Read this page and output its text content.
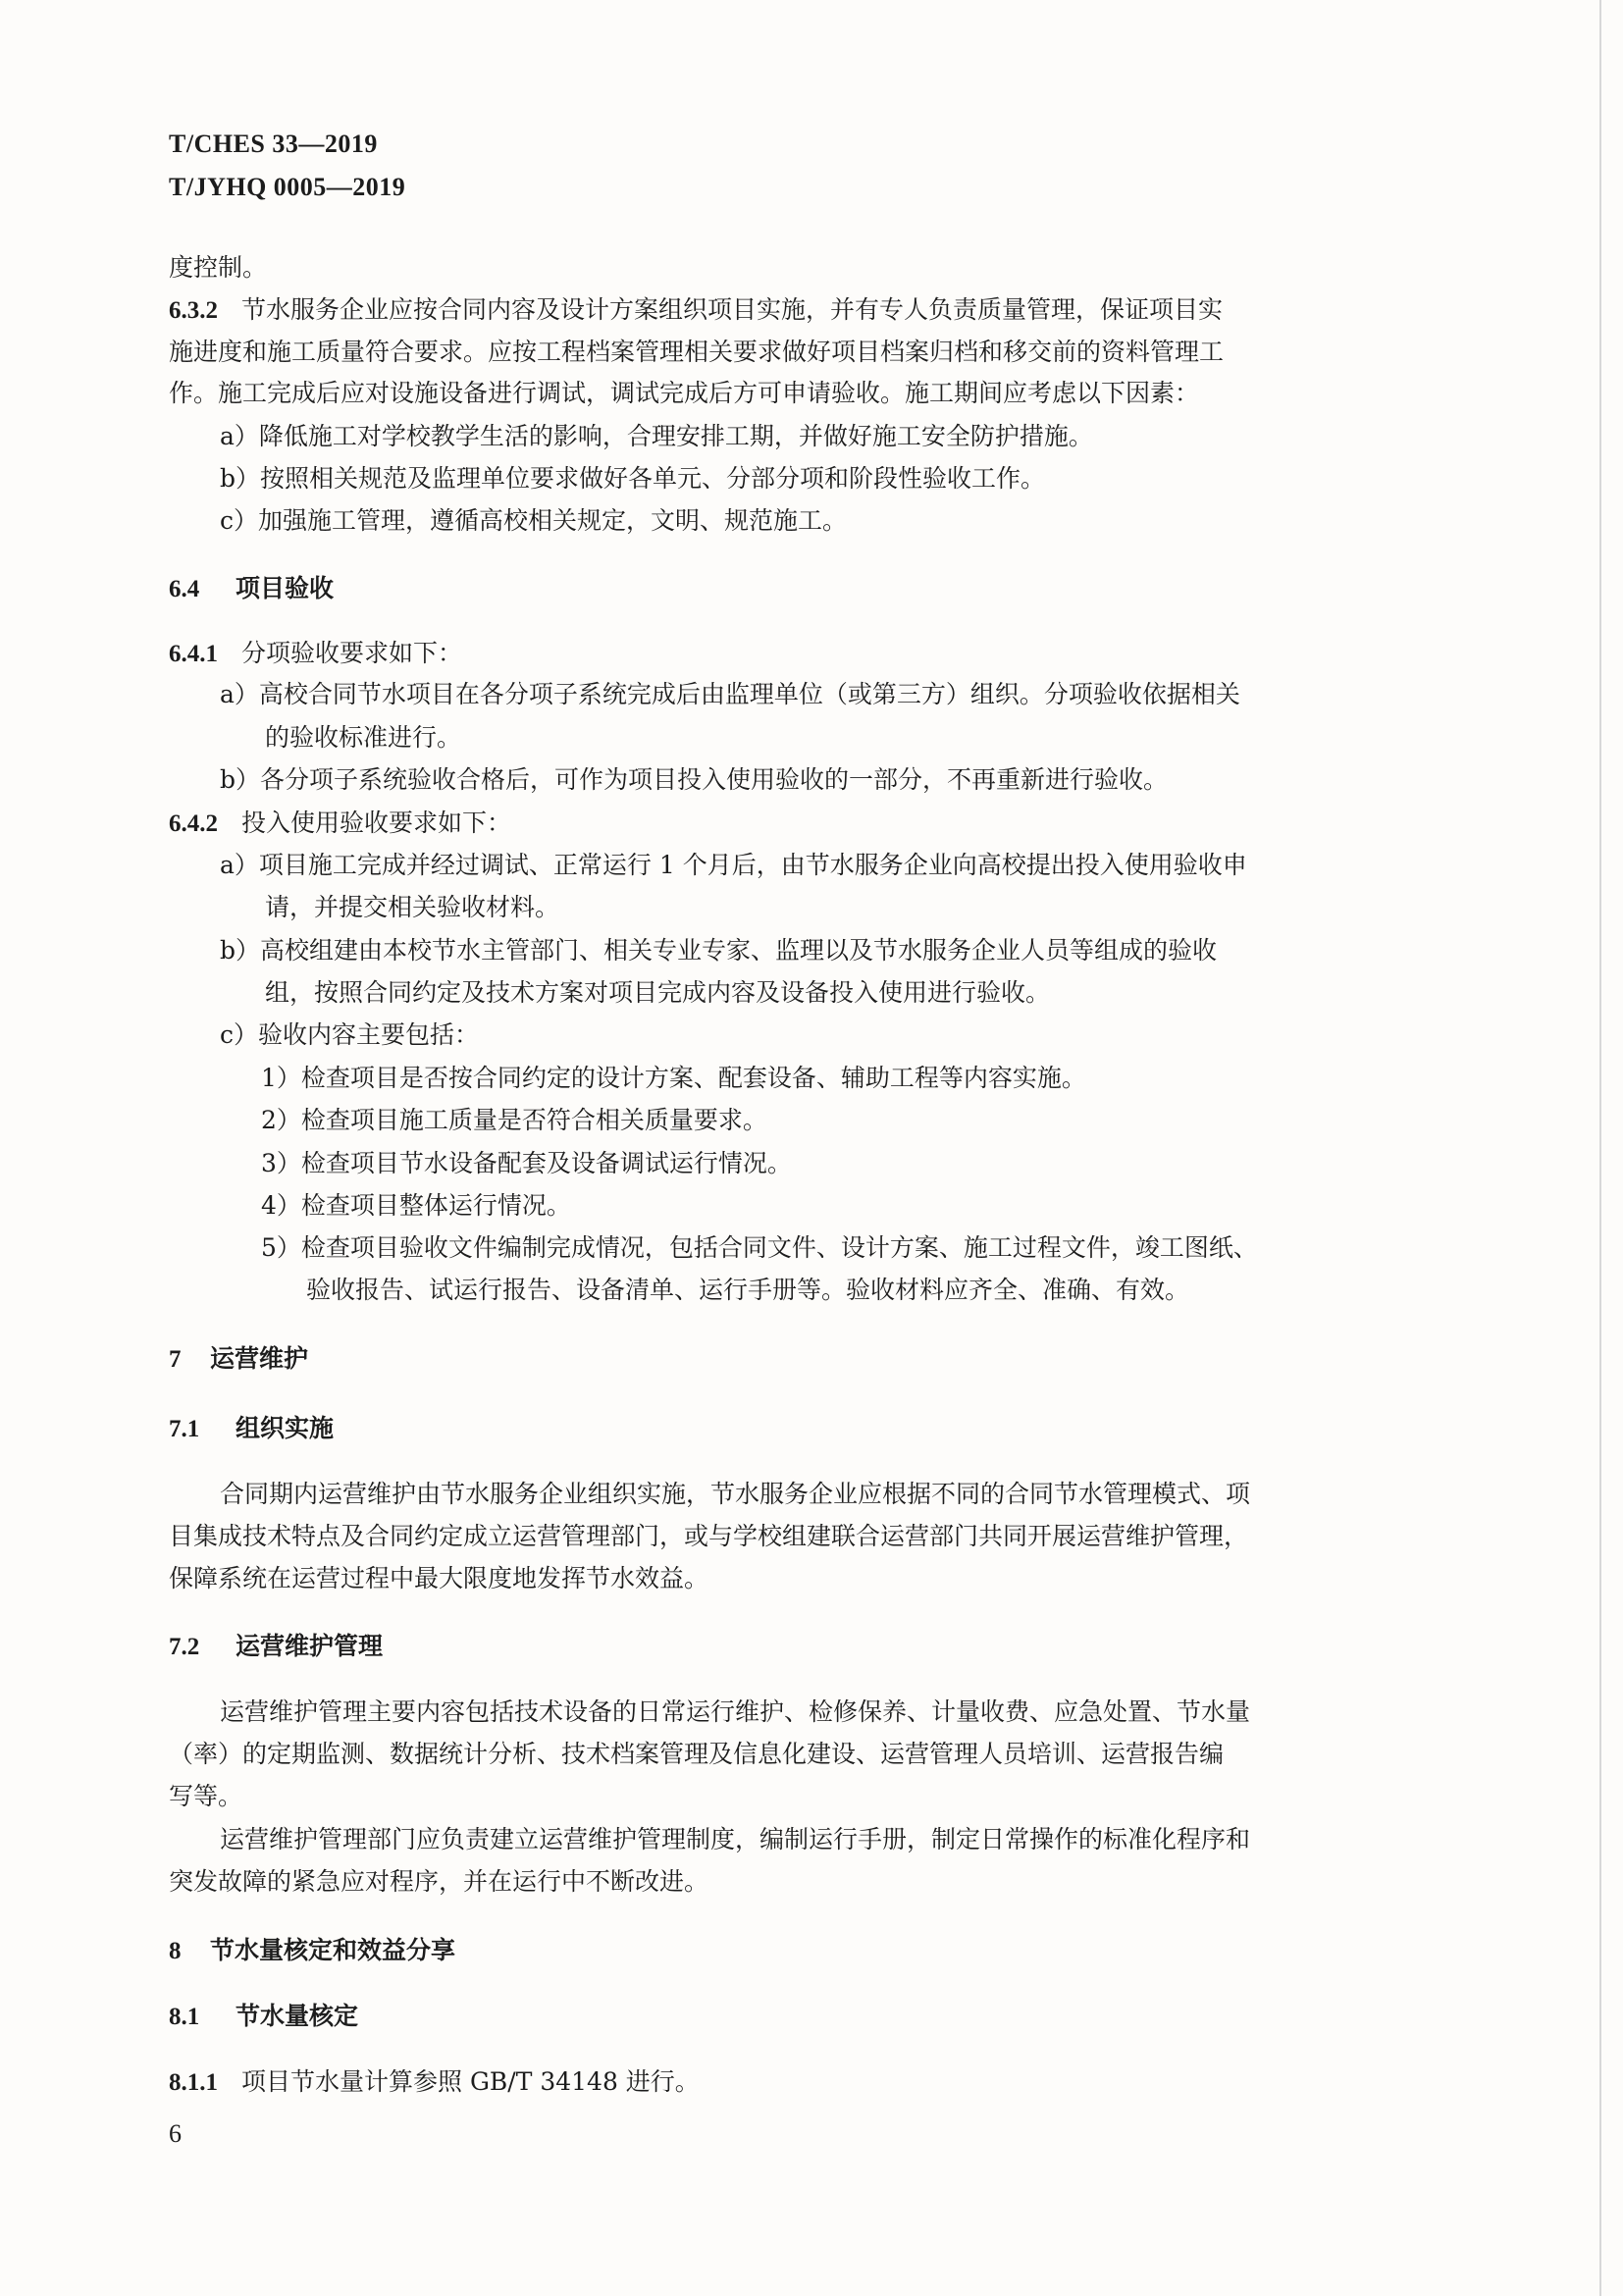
T/CHES 33—2019
T/JYHQ 0005—2019
度控制。
6.3.2 节水服务企业应按合同内容及设计方案组织项目实施，并有专人负责质量管理，保证项目实
施进度和施工质量符合要求。应按工程档案管理相关要求做好项目档案归档和移交前的资料管理工
作。施工完成后应对设施设备进行调试，调试完成后方可申请验收。施工期间应考虑以下因素：
a）降低施工对学校教学生活的影响，合理安排工期，并做好施工安全防护措施。
b）按照相关规范及监理单位要求做好各单元、分部分项和阶段性验收工作。
c）加强施工管理，遵循高校相关规定，文明、规范施工。
6.4 项目验收
6.4.1 分项验收要求如下：
a）高校合同节水项目在各分项子系统完成后由监理单位（或第三方）组织。分项验收依据相关
的验收标准进行。
b）各分项子系统验收合格后，可作为项目投入使用验收的一部分，不再重新进行验收。
6.4.2 投入使用验收要求如下：
a）项目施工完成并经过调试、正常运行 1 个月后，由节水服务企业向高校提出投入使用验收申
请，并提交相关验收材料。
b）高校组建由本校节水主管部门、相关专业专家、监理以及节水服务企业人员等组成的验收
组，按照合同约定及技术方案对项目完成内容及设备投入使用进行验收。
c）验收内容主要包括：
1）检查项目是否按合同约定的设计方案、配套设备、辅助工程等内容实施。
2）检查项目施工质量是否符合相关质量要求。
3）检查项目节水设备配套及设备调试运行情况。
4）检查项目整体运行情况。
5）检查项目验收文件编制完成情况，包括合同文件、设计方案、施工过程文件，竣工图纸、
验收报告、试运行报告、设备清单、运行手册等。验收材料应齐全、准确、有效。
7 运营维护
7.1 组织实施
合同期内运营维护由节水服务企业组织实施，节水服务企业应根据不同的合同节水管理模式、项
目集成技术特点及合同约定成立运营管理部门，或与学校组建联合运营部门共同开展运营维护管理，
保障系统在运营过程中最大限度地发挥节水效益。
7.2 运营维护管理
运营维护管理主要内容包括技术设备的日常运行维护、检修保养、计量收费、应急处置、节水量
（率）的定期监测、数据统计分析、技术档案管理及信息化建设、运营管理人员培训、运营报告编
写等。
运营维护管理部门应负责建立运营维护管理制度，编制运行手册，制定日常操作的标准化程序和
突发故障的紧急应对程序，并在运行中不断改进。
8 节水量核定和效益分享
8.1 节水量核定
8.1.1 项目节水量计算参照 GB/T 34148 进行。
6
